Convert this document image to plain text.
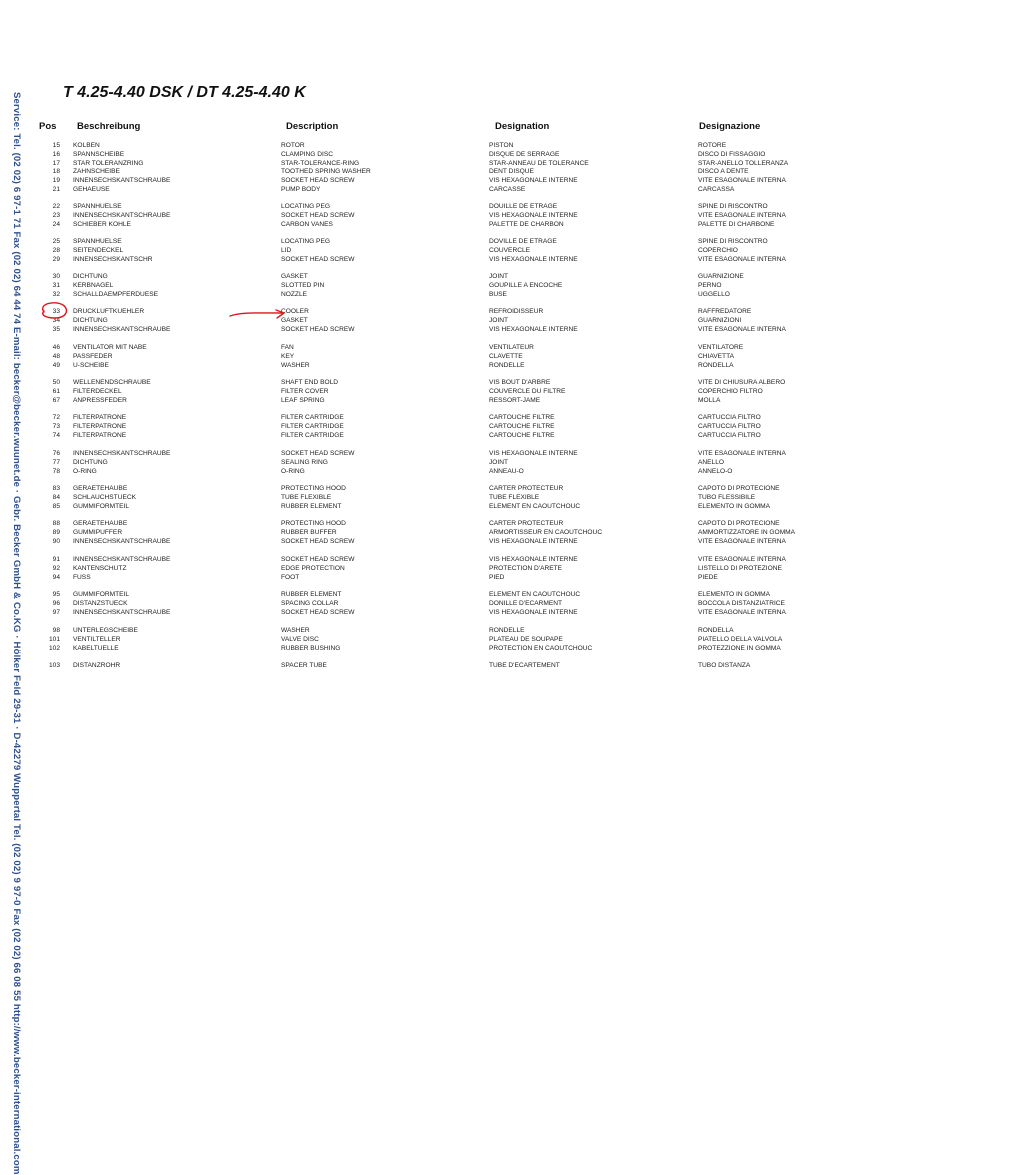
Service: Tel. (02 02) 6 97-1 71 Fax (02 02) 64 44 74 E-mail: becker@becker.wuunet.de · Gebr. Becker GmbH & Co.KG · Hölker Feld 29-31 · D-42279 Wuppertal Tel. (02 02) 9 97-0 Fax (02 02) 66 08 55 http://www.becker-international.com	T 4.25-4.40 DSK / DT 4.25-4.40 K
Pos Beschreibung	Description	Designation	Designazione
15 KOLBEN	ROTOR	PISTON	ROTORE
16 SPANNSCHEIBE	CLAMPING DISC	DISQUE DE SERRAGE	DISCO DI FISSAGGIO
17 STAR TOLERANZRING	STAR-TOLERANCE-RING	STAR-ANNEAU DE TOLERANCE	STAR-ANELLO TOLLERANZA
18 ZAHNSCHEIBE	TOOTHED SPRING WASHER	DENT DISQUE	DISCO A DENTE
19 INNENSECHSKANTSCHRAUBE	SOCKET HEAD SCREW	VIS HEXAGONALE INTERNE	VITE ESAGONALE INTERNA
21 GEHAEUSE	PUMP BODY	CARCASSE	CARCASSA
22 SPANNHUELSE	LOCATING PEG	DOUILLE DE ETRAGE	SPINE DI RISCONTRO
23 INNENSECHSKANTSCHRAUBE	SOCKET HEAD SCREW	VIS HEXAGONALE INTERNE	VITE ESAGONALE INTERNA
24 SCHIEBER KOHLE	CARBON VANES	PALETTE DE CHARBON	PALETTE DI CHARBONE
25 SPANNHUELSE	LOCATING PEG	DOVILLE DE ETRAGE	SPINE DI RISCONTRO
28 SEITENDECKEL	LID	COUVERCLE	COPERCHIO
29 INNENSECHSKANTSCHR	SOCKET HEAD SCREW	VIS HEXAGONALE INTERNE	VITE ESAGONALE INTERNA
30 DICHTUNG	GASKET	JOINT	GUARNIZIONE
31 KERBNAGEL	SLOTTED PIN	GOUPILLE A ENCOCHE	PERNO
32 SCHALLDAEMPFERDUESE	NOZZLE	BUSE	UGGELLO
33 DRUCKLUFTKUEHLER	COOLER	REFROIDISSEUR	RAFFREDATORE
34 DICHTUNG	GASKET	JOINT	GUARNIZIONI
35 INNENSECHSKANTSCHRAUBE	SOCKET HEAD SCREW	VIS HEXAGONALE INTERNE	VITE ESAGONALE INTERNA
46 VENTILATOR MIT NABE	FAN	VENTILATEUR	VENTILATORE
48 PASSFEDER	KEY	CLAVETTE	CHIAVETTA
49 U-SCHEIBE	WASHER	RONDELLE	RONDELLA
50 WELLENENDSCHRAUBE	SHAFT END BOLD	VIS BOUT D'ARBRE	VITE DI CHIUSURA ALBERO
61 FILTERDECKEL	FILTER COVER	COUVERCLE DU FILTRE	COPERCHIO FILTRO
67 ANPRESSFEDER	LEAF SPRING	RESSORT-JAME	MOLLA
72 FILTERPATRONE	FILTER CARTRIDGE	CARTOUCHE FILTRE	CARTUCCIA FILTRO
73 FILTERPATRONE	FILTER CARTRIDGE	CARTOUCHE FILTRE	CARTUCCIA FILTRO
74 FILTERPATRONE	FILTER CARTRIDGE	CARTOUCHE FILTRE	CARTUCCIA FILTRO
76 INNENSECHSKANTSCHRAUBE	SOCKET HEAD SCREW	VIS HEXAGONALE INTERNE	VITE ESAGONALE INTERNA
77 DICHTUNG	SEALING RING	JOINT	ANELLO
78 O-RING	O-RING	ANNEAU-O	ANNELO-O
83 GERAETEHAUBE	PROTECTING HOOD	CARTER PROTECTEUR	CAPOTO DI PROTECIONE
84 SCHLAUCHSTUECK	TUBE FLEXIBLE	TUBE FLEXIBLE	TUBO FLESSIBILE
85 GUMMIFORMTEIL	RUBBER ELEMENT	ELEMENT EN CAOUTCHOUC	ELEMENTO IN GOMMA
88 GERAETEHAUBE	PROTECTING HOOD	CARTER PROTECTEUR	CAPOTO DI PROTECIONE
89 GUMMIPUFFER	RUBBER BUFFER	ARMORTISSEUR EN CAOUTCHOUC	AMMORTIZZATORE IN GOMMA
90 INNENSECHSKANTSCHRAUBE	SOCKET HEAD SCREW	VIS HEXAGONALE INTERNE	VITE ESAGONALE INTERNA
91 INNENSECHSKANTSCHRAUBE	SOCKET HEAD SCREW	VIS HEXAGONALE INTERNE	VITE ESAGONALE INTERNA
92 KANTENSCHUTZ	EDGE PROTECTION	PROTECTION D'ARETE	LISTELLO DI PROTEZIONE
94 FUSS	FOOT	PIED	PIEDE
95 GUMMIFORMTEIL	RUBBER ELEMENT	ELEMENT EN CAOUTCHOUC	ELEMENTO IN GOMMA
96 DISTANZSTUECK	SPACING COLLAR	DONILLE D'ECARMENT	BOCCOLA DISTANZIATRICE
97 INNENSECHSKANTSCHRAUBE	SOCKET HEAD SCREW	VIS HEXAGONALE INTERNE	VITE ESAGONALE INTERNA
98 UNTERLEGSCHEIBE	WASHER	RONDELLE	RONDELLA
101 VENTILTELLER	VALVE DISC	PLATEAU DE SOUPAPE	PIATELLO DELLA VALVOLA
102 KABELTUELLE	RUBBER BUSHING	PROTECTION EN CAOUTCHOUC	PROTEZZIONE IN GOMMA
103 DISTANZROHR	SPACER TUBE	TUBE D'ECARTEMENT	TUBO DISTANZA
